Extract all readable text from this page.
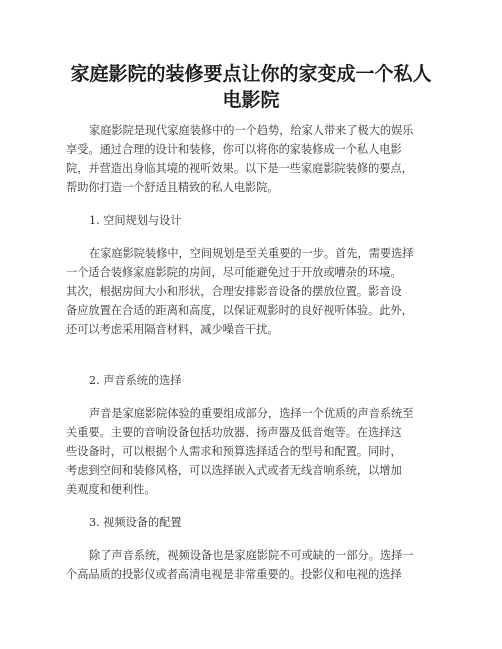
家庭影院的装修要点让你的家变成一个私人
电影院
家庭影院是现代家庭装修中的一个趋势，给家人带来了极大的娱乐
享受。通过合理的设计和装修，你可以将你的家装修成一个私人电影
院，并营造出身临其境的视听效果。以下是一些家庭影院装修的要点，
帮助你打造一个舒适且精致的私人电影院。
1. 空间规划与设计
在家庭影院装修中，空间规划是至关重要的一步。首先，需要选择
一个适合装修家庭影院的房间，尽可能避免过于开放或嘈杂的环境。
其次，根据房间大小和形状，合理安排影音设备的摆放位置。影音设
备应放置在合适的距离和高度，以保证观影时的良好视听体验。此外，
还可以考虑采用隔音材料，减少噪音干扰。
2. 声音系统的选择
声音是家庭影院体验的重要组成部分，选择一个优质的声音系统至
关重要。主要的音响设备包括功放器、扬声器及低音炮等。在选择这
些设备时，可以根据个人需求和预算选择适合的型号和配置。同时，
考虑到空间和装修风格，可以选择嵌入式或者无线音响系统，以增加
美观度和便利性。
3. 视频设备的配置
除了声音系统，视频设备也是家庭影院不可或缺的一部分。选择一
个高品质的投影仪或者高清电视是非常重要的。投影仪和电视的选择
